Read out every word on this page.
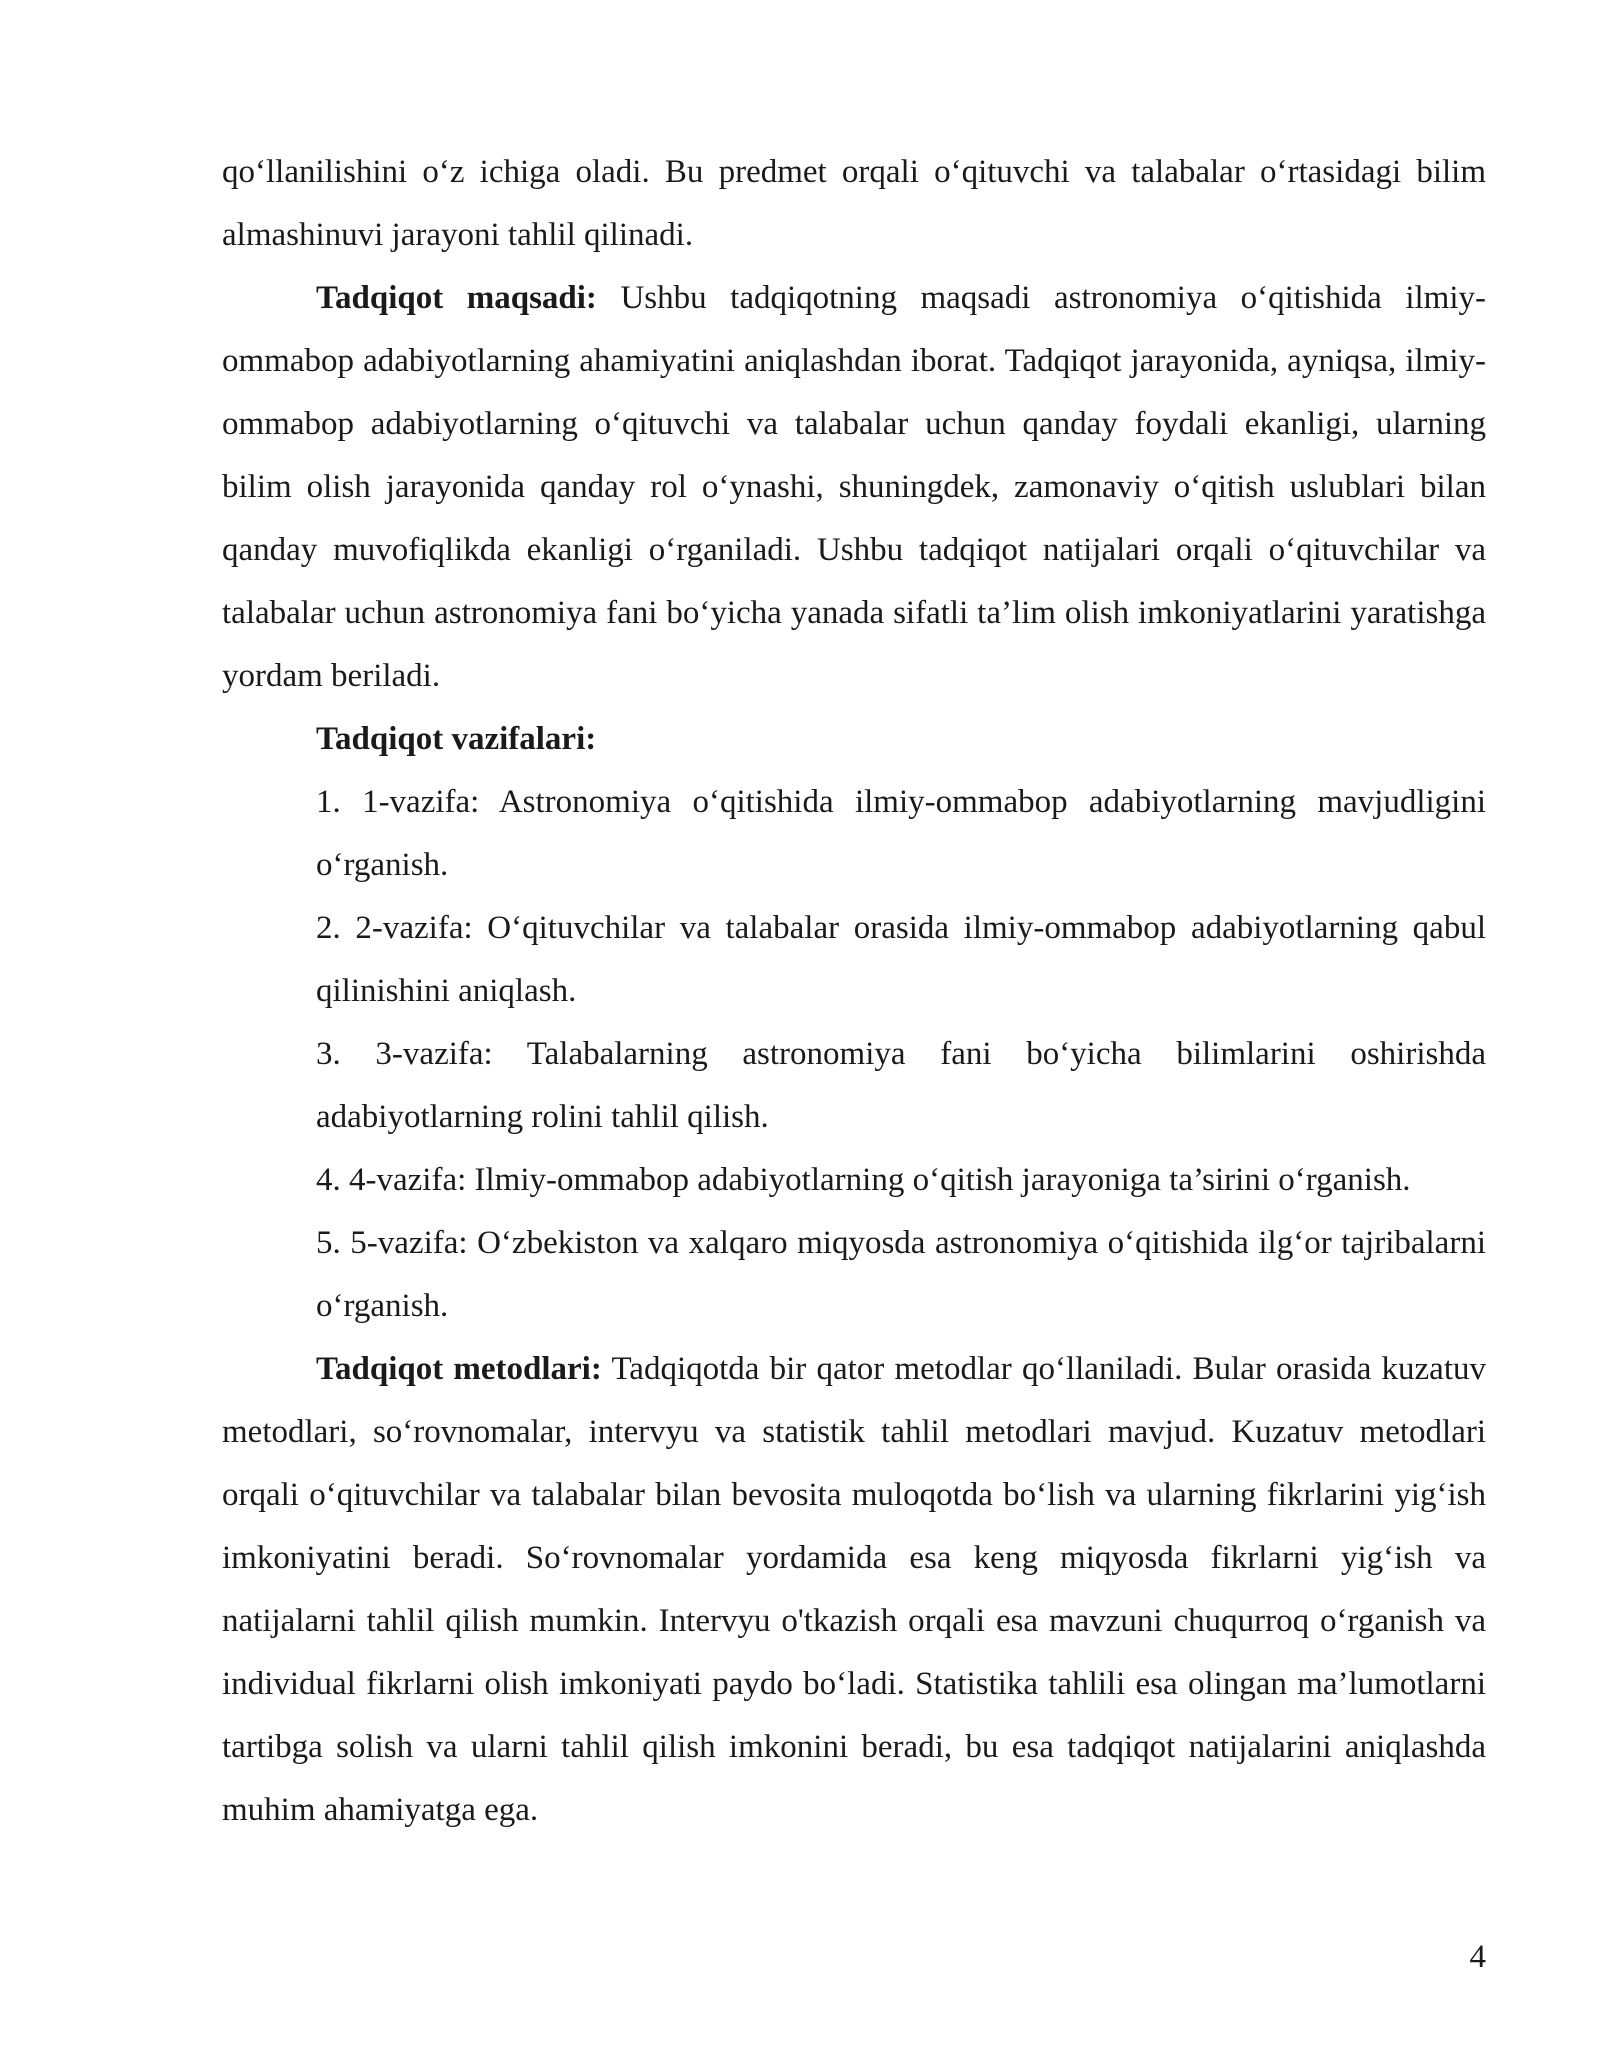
qo‘llanilishini o‘z ichiga oladi. Bu predmet orqali o‘qituvchi va talabalar o‘rtasidagi bilim almashinuvi jarayoni tahlil qilinadi.

Tadqiqot maqsadi: Ushbu tadqiqotning maqsadi astronomiya o‘qitishida ilmiy-ommabop adabiyotlarning ahamiyatini aniqlashdan iborat. Tadqiqot jarayonida, ayniqsa, ilmiy-ommabop adabiyotlarning o‘qituvchi va talabalar uchun qanday foydali ekanligi, ularning bilim olish jarayonida qanday rol o‘ynashi, shuningdek, zamonaviy o‘qitish uslublari bilan qanday muvofiqlikda ekanligi o‘rganiladi. Ushbu tadqiqot natijalari orqali o‘qituvchilar va talabalar uchun astronomiya fani bo‘yicha yanada sifatli ta’lim olish imkoniyatlarini yaratishga yordam beriladi.

Tadqiqot vazifalari:

1. 1-vazifa: Astronomiya o‘qitishida ilmiy-ommabop adabiyotlarning mavjudligini o‘rganish.

2. 2-vazifa: O‘qituvchilar va talabalar orasida ilmiy-ommabop adabiyotlarning qabul qilinishini aniqlash.

3. 3-vazifa: Talabalarning astronomiya fani bo‘yicha bilimlarini oshirishda adabiyotlarning rolini tahlil qilish.

4. 4-vazifa: Ilmiy-ommabop adabiyotlarning o‘qitish jarayoniga ta’sirini o‘rganish.

5. 5-vazifa: O‘zbekiston va xalqaro miqyosda astronomiya o‘qitishida ilg‘or tajribalarni o‘rganish.

Tadqiqot metodlari: Tadqiqotda bir qator metodlar qo‘llaniladi. Bular orasida kuzatuv metodlari, so‘rovnomalar, intervyu va statistik tahlil metodlari mavjud. Kuzatuv metodlari orqali o‘qituvchilar va talabalar bilan bevosita muloqotda bo‘lish va ularning fikrlarini yig‘ish imkoniyatini beradi. So‘rovnomalar yordamida esa keng miqyosda fikrlarni yig‘ish va natijalarni tahlil qilish mumkin. Intervyu o'tkazish orqali esa mavzuni chuqurroq o‘rganish va individual fikrlarni olish imkoniyati paydo bo‘ladi. Statistika tahlili esa olingan ma’lumotlarni tartibga solish va ularni tahlil qilish imkonini beradi, bu esa tadqiqot natijalarini aniqlashda muhim ahamiyatga ega.

4
